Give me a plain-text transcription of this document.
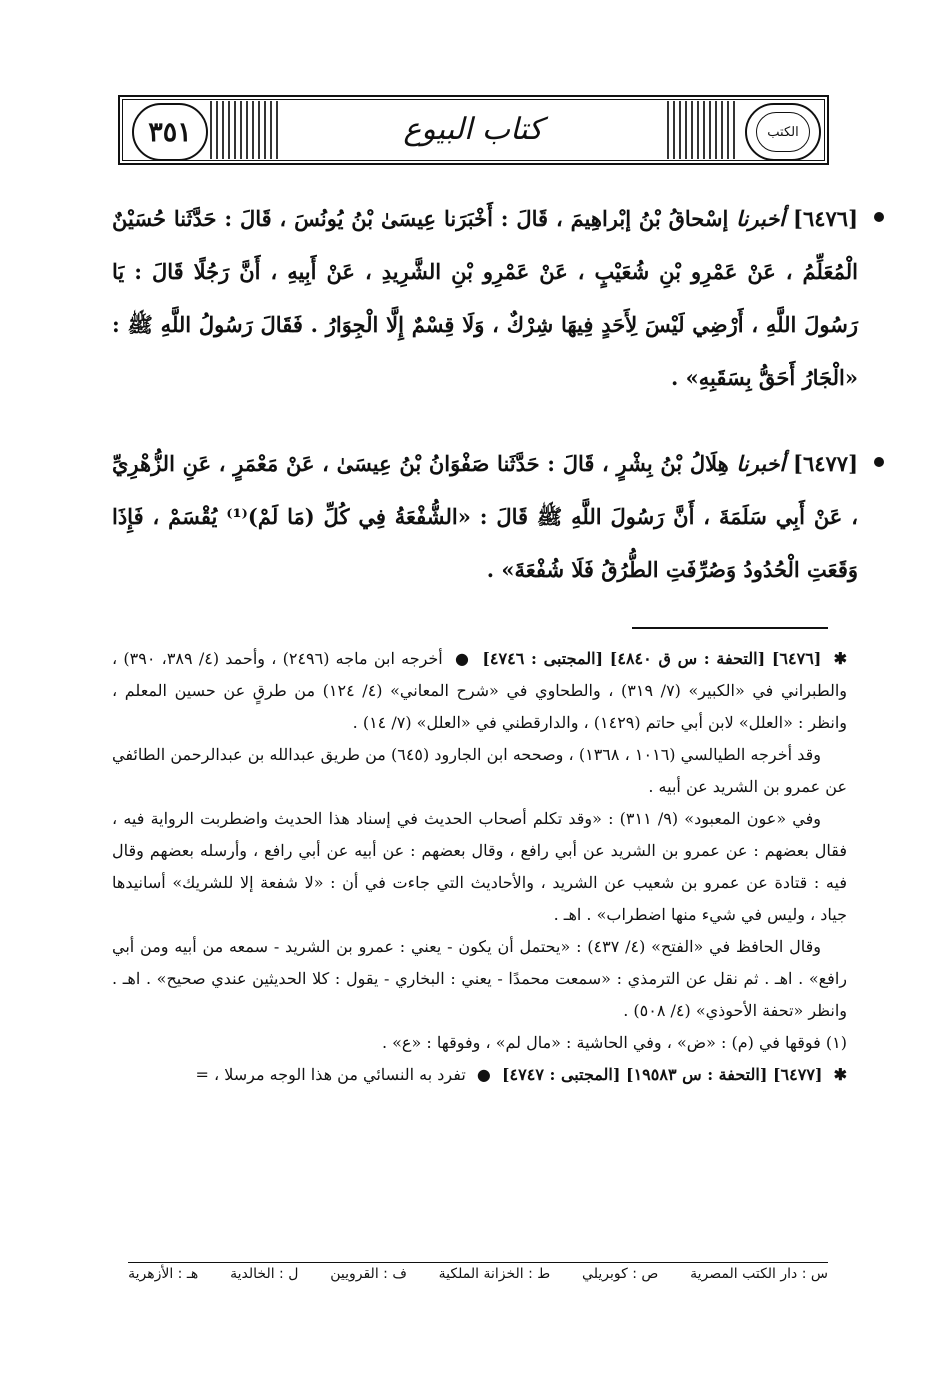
الكتب
كتاب البيوع
٣٥١
[٦٤٧٦] أخبرنا إسْحاقُ بْنُ إبْراهِيمَ ، قَالَ : أَخْبَرَنا عِيسَىٰ بْنُ يُونُسَ ، قَالَ : حَدَّثَنا حُسَيْنٌ الْمُعَلِّمُ ، عَنْ عَمْرِو بْنِ شُعَيْبٍ ، عَنْ عَمْرِو بْنِ الشَّرِيدِ ، عَنْ أَبِيهِ ، أَنَّ رَجُلًا قَالَ : يَا رَسُولَ اللَّهِ ، أَرْضِي لَيْسَ لِأَحَدٍ فِيهَا شِرْكٌ ، وَلَا قِسْمٌ إِلَّا الْجِوَارُ . فَقَالَ رَسُولُ اللَّهِ ﷺ : «الْجَارُ أَحَقُّ بِسَقَبِهِ» .
[٦٤٧٧] أخبرنا هِلَالُ بْنُ بِشْرٍ ، قَالَ : حَدَّثَنا صَفْوَانُ بْنُ عِيسَىٰ ، عَنْ مَعْمَرٍ ، عَنِ الزُّهْرِيِّ ، عَنْ أَبِي سَلَمَةَ ، أَنَّ رَسُولَ اللَّهِ ﷺ قَالَ : «الشُّفْعَةُ فِي كُلِّ (مَا لَمْ)⁽¹⁾ يُقْسَمْ ، فَإِذَا وَقَعَتِ الْحُدُودُ وَصُرِّفَتِ الطُّرُقُ فَلَا شُفْعَةَ» .

✱ [٦٤٧٦] [التحفة : س ق ٤٨٤٠] [المجتبى : ٤٧٤٦] ● أخرجه ابن ماجه (٢٤٩٦) ، وأحمد (٤/ ٣٨٩، ٣٩٠) ، والطبراني في «الكبير» (٧/ ٣١٩) ، والطحاوي في «شرح المعاني» (٤/ ١٢٤) من طرقٍ عن حسين المعلم ، وانظر : «العلل» لابن أبي حاتم (١٤٢٩) ، والدارقطني في «العلل» (٧/ ١٤) .

وقد أخرجه الطيالسي (١٠١٦ ، ١٣٦٨) ، وصححه ابن الجارود (٦٤٥) من طريق عبدالله بن عبدالرحمن الطائفي عن عمرو بن الشريد عن أبيه .

وفي «عون المعبود» (٩/ ٣١١) : «وقد تكلم أصحاب الحديث في إسناد هذا الحديث واضطربت الرواية فيه ، فقال بعضهم : عن عمرو بن الشريد عن أبي رافع ، وقال بعضهم : عن أبيه عن أبي رافع ، وأرسله بعضهم وقال فيه : قتادة عن عمرو بن شعيب عن الشريد ، والأحاديث التي جاءت في أن : «لا شفعة إلا للشريك» أسانيدها جياد ، وليس في شيء منها اضطراب» . اهـ .

وقال الحافظ في «الفتح» (٤/ ٤٣٧) : «يحتمل أن يكون - يعني : عمرو بن الشريد - سمعه من أبيه ومن أبي رافع» . اهـ . ثم نقل عن الترمذي : «سمعت محمدًا - يعني : البخاري - يقول : كلا الحديثين عندي صحيح» . اهـ . وانظر «تحفة الأحوذي» (٤/ ٥٠٨) .

(١) فوقها في (م) : «ض» ، وفي الحاشية : «مال لم» ، وفوقها : «ع» .

✱ [٦٤٧٧] [التحفة : س ١٩٥٨٣] [المجتبى : ٤٧٤٧] ● تفرد به النسائي من هذا الوجه مرسلا ، =

س : دار الكتب المصرية
ص : كوبريلي
ط : الخزانة الملكية
ف : القرويين
ل : الخالدية
هـ : الأزهرية
